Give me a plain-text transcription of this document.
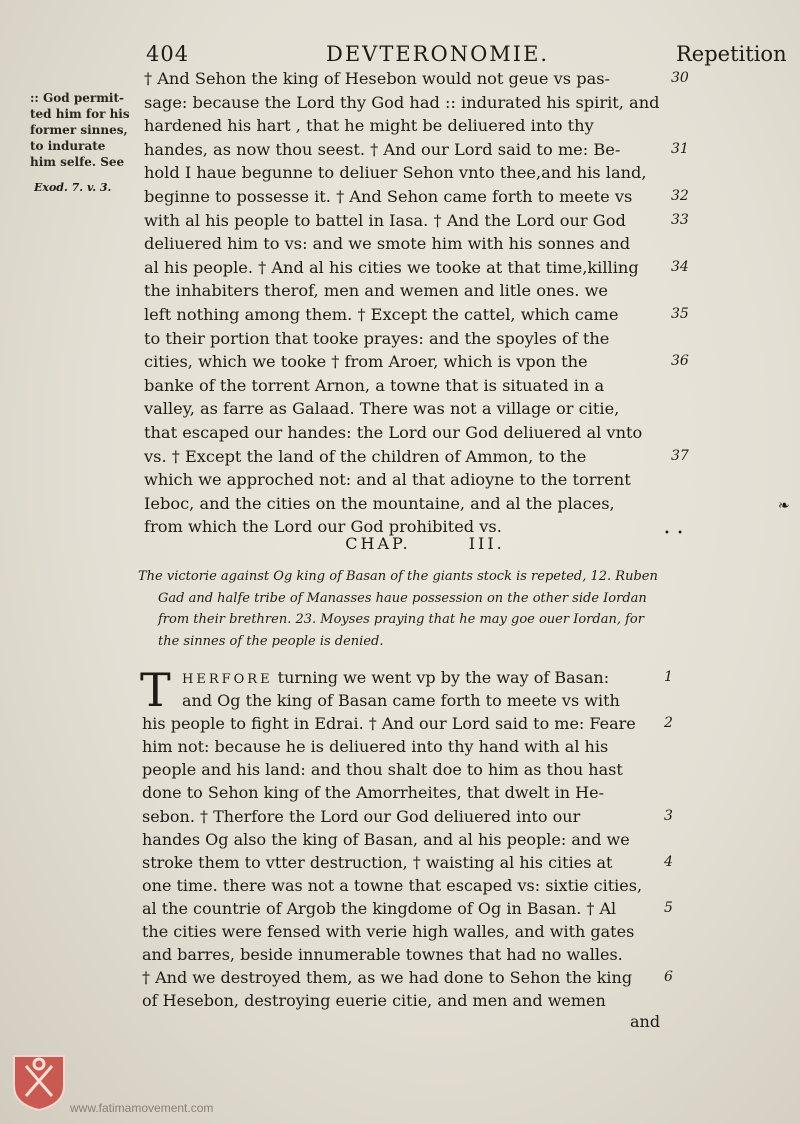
404	DEVTERONOMIE.	Repetition
:: God permit-
ted him for his
former sinnes,
to indurate
him selfe. See
Exod. 7. v. 3.
† And Sehon the king of Hesebon would not geue vs pas-	30
sage: because the Lord thy God had :: indurated his spirit, and
hardened his hart , that he might be deliuered into thy
handes, as now thou seest. † And our Lord said to me: Be-	31
hold I haue begunne to deliuer Sehon vnto thee,and his land,
beginne to possesse it. † And Sehon came forth to meete vs	32
with al his people to battel in Iasa. † And the Lord our God	33
deliuered him to vs: and we smote him with his sonnes and
al his people. † And al his cities we tooke at that time,killing 34
the inhabiters therof, men and wemen and litle ones. we
left nothing among them. † Except the cattel, which came	35
to their portion that tooke prayes: and the spoyles of the
cities, which we tooke † from Aroer, which is vpon the	36
banke of the torrent Arnon, a towne that is situated in a
valley, as farre as Galaad. There was not a village or citie,
that escaped our handes: the Lord our God deliuered al vnto
vs. † Except the land of the children of Ammon, to the	37
which we approched not: and al that adioyne to the torrent
Ieboc, and the cities on the mountaine, and al the places,
from which the Lord our God prohibited vs.
❧
• •
CHAP.	III.
The victorie against Og king of Basan of the giants stock is repeted, 12. Ruben
Gad and halfe tribe of Manasses haue possession on the other side Iordan
from their brethren. 23. Moyses praying that he may goe ouer Iordan, for
the sinnes of the people is denied.
T HERFORE turning we went vp by the way of Basan:	1
and Og the king of Basan came forth to meete vs with
his people to fight in Edrai. † And our Lord said to me: Feare 2
him not: because he is deliuered into thy hand with al his
people and his land: and thou shalt doe to him as thou hast
done to Sehon king of the Amorrheites, that dwelt in He-
sebon. † Therfore the Lord our God deliuered into our	3
handes Og also the king of Basan, and al his people: and we
stroke them to vtter destruction, † waisting al his cities at	4
one time. there was not a towne that escaped vs: sixtie cities,
al the countrie of Argob the kingdome of Og in Basan. † Al	5
the cities were fensed with verie high walles, and with gates
and barres, beside innumerable townes that had no walles.
† And we destroyed them, as we had done to Sehon the king 6
of Hesebon, destroying euerie citie, and men and wemen
and
www.fatimamovement.com
